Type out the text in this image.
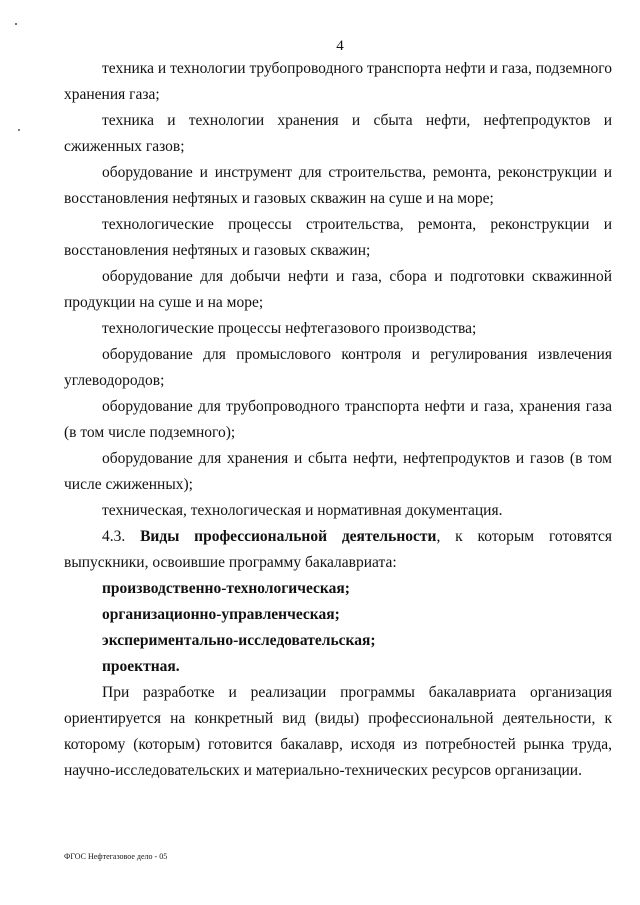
4

техника и технологии трубопроводного транспорта нефти и газа, подземного хранения газа;

техника и технологии хранения и сбыта нефти, нефтепродуктов и сжиженных газов;

оборудование и инструмент для строительства, ремонта, реконструкции и восстановления нефтяных и газовых скважин на суше и на море;

технологические процессы строительства, ремонта, реконструкции и восстановления нефтяных и газовых скважин;

оборудование для добычи нефти и газа, сбора и подготовки скважинной продукции на суше и на море;

технологические процессы нефтегазового производства;

оборудование для промыслового контроля и регулирования извлечения углеводородов;

оборудование для трубопроводного транспорта нефти и газа, хранения газа (в том числе подземного);

оборудование для хранения и сбыта нефти, нефтепродуктов и газов (в том числе сжиженных);

техническая, технологическая и нормативная документация.

4.3. Виды профессиональной деятельности, к которым готовятся выпускники, освоившие программу бакалавриата:

производственно-технологическая;

организационно-управленческая;

экспериментально-исследовательская;

проектная.

При разработке и реализации программы бакалавриата организация ориентируется на конкретный вид (виды) профессиональной деятельности, к которому (которым) готовится бакалавр, исходя из потребностей рынка труда, научно-исследовательских и материально-технических ресурсов организации.

ФГОС Нефтегазовое дело - 05
